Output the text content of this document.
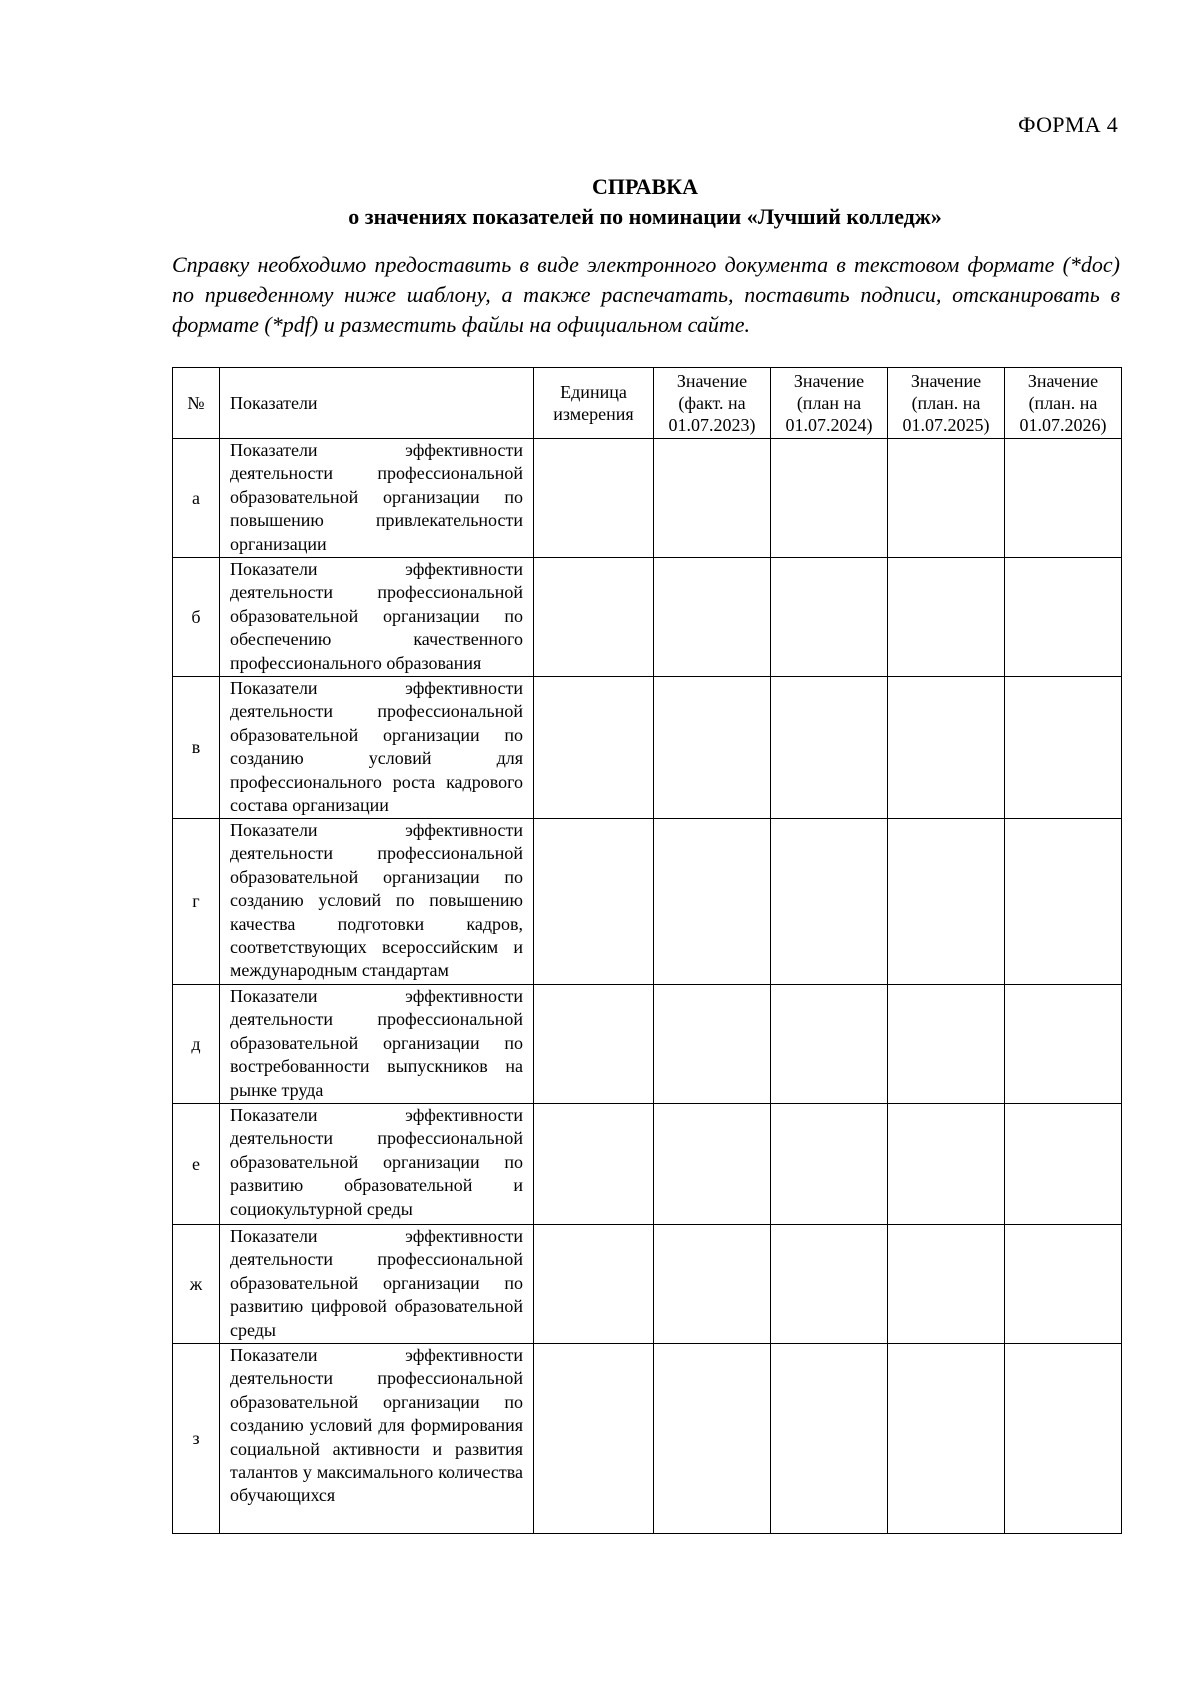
ФОРМА 4
СПРАВКА
о значениях показателей по номинации «Лучший колледж»
Справку необходимо предоставить в виде электронного документа в текстовом формате (*doc) по приведенному ниже шаблону, а также распечатать, поставить подписи, отсканировать в формате (*pdf) и разместить файлы на официальном сайте.
№	Показатели	Единица измерения	Значение (факт. на 01.07.2023)	Значение (план на 01.07.2024)	Значение (план. на 01.07.2025)	Значение (план. на 01.07.2026)
а	Показатели эффективности деятельности профессиональной образовательной организации по повышению привлекательности организации					
б	Показатели эффективности деятельности профессиональной образовательной организации по обеспечению качественного профессионального образования					
в	Показатели эффективности деятельности профессиональной образовательной организации по созданию условий для профессионального роста кадрового состава организации					
г	Показатели эффективности деятельности профессиональной образовательной организации по созданию условий по повышению качества подготовки кадров, соответствующих всероссийским и международным стандартам					
д	Показатели эффективности деятельности профессиональной образовательной организации по востребованности выпускников на рынке труда					
е	Показатели эффективности деятельности профессиональной образовательной организации по развитию образовательной и социокультурной среды					
ж	Показатели эффективности деятельности профессиональной образовательной организации по развитию цифровой образовательной среды					
з	Показатели эффективности деятельности профессиональной образовательной организации по созданию условий для формирования социальной активности и развития талантов у максимального количества обучающихся					
